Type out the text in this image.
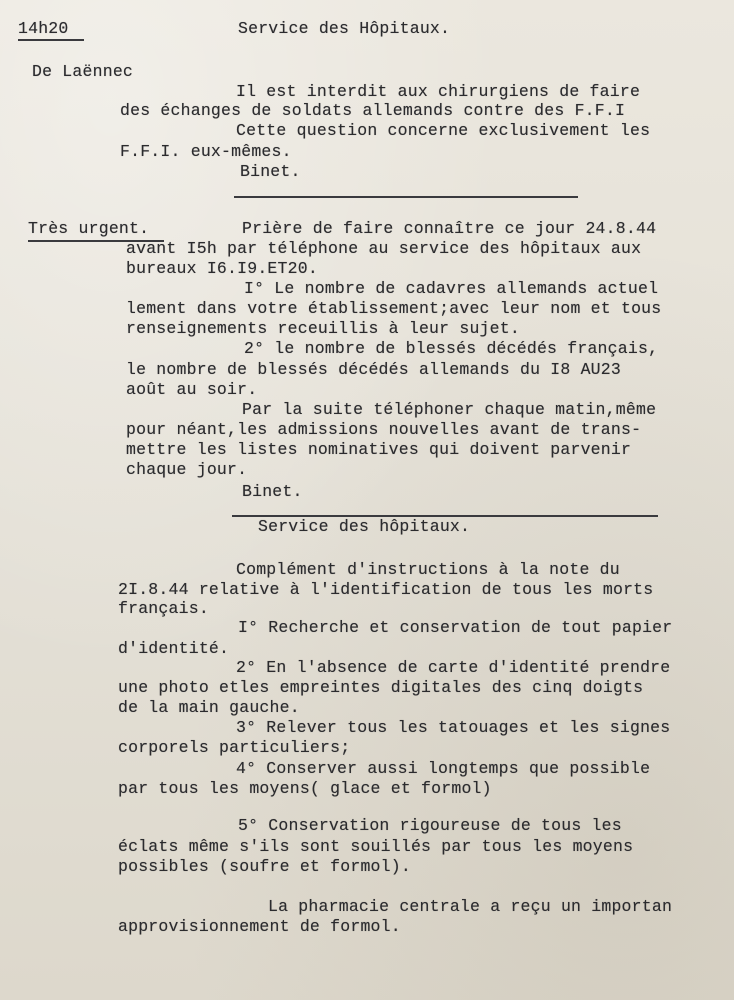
14h20	Service des Hôpitaux.
De Laënnec
Il est interdit aux chirurgiens de faire
des échanges de soldats allemands contre des F.F.I
Cette question concerne exclusivement les
F.F.I. eux-mêmes.
Binet.
Très urgent.	Prière de faire connaître ce jour 24.8.44
avant I5h par téléphone au service des hôpitaux aux
bureaux I6.I9.ET20.
I° Le nombre de cadavres allemands actuel
lement dans votre établissement;avec leur nom et tous
renseignements receuillis à leur sujet.
2° le nombre de blessés décédés français,
le nombre de blessés décédés allemands du I8 AU23
août au soir.
Par la suite téléphoner chaque matin,même
pour néant,les admissions nouvelles avant de trans-
mettre les listes nominatives qui doivent parvenir
chaque jour.
Binet.
Service des hôpitaux.
Complément d'instructions à la note du
2I.8.44 relative à l'identification de tous les morts
français.
I° Recherche et conservation de tout papier
d'identité.
2° En l'absence de carte d'identité prendre
une photo etles empreintes digitales des cinq doigts
de la main gauche.
3° Relever tous les tatouages et les signes
corporels particuliers;
4° Conserver aussi longtemps que possible
par tous les moyens( glace et formol)
5° Conservation rigoureuse de tous les
éclats même s'ils sont souillés par tous les moyens
possibles (soufre et formol).
La pharmacie centrale a reçu un importan
approvisionnement de formol.
